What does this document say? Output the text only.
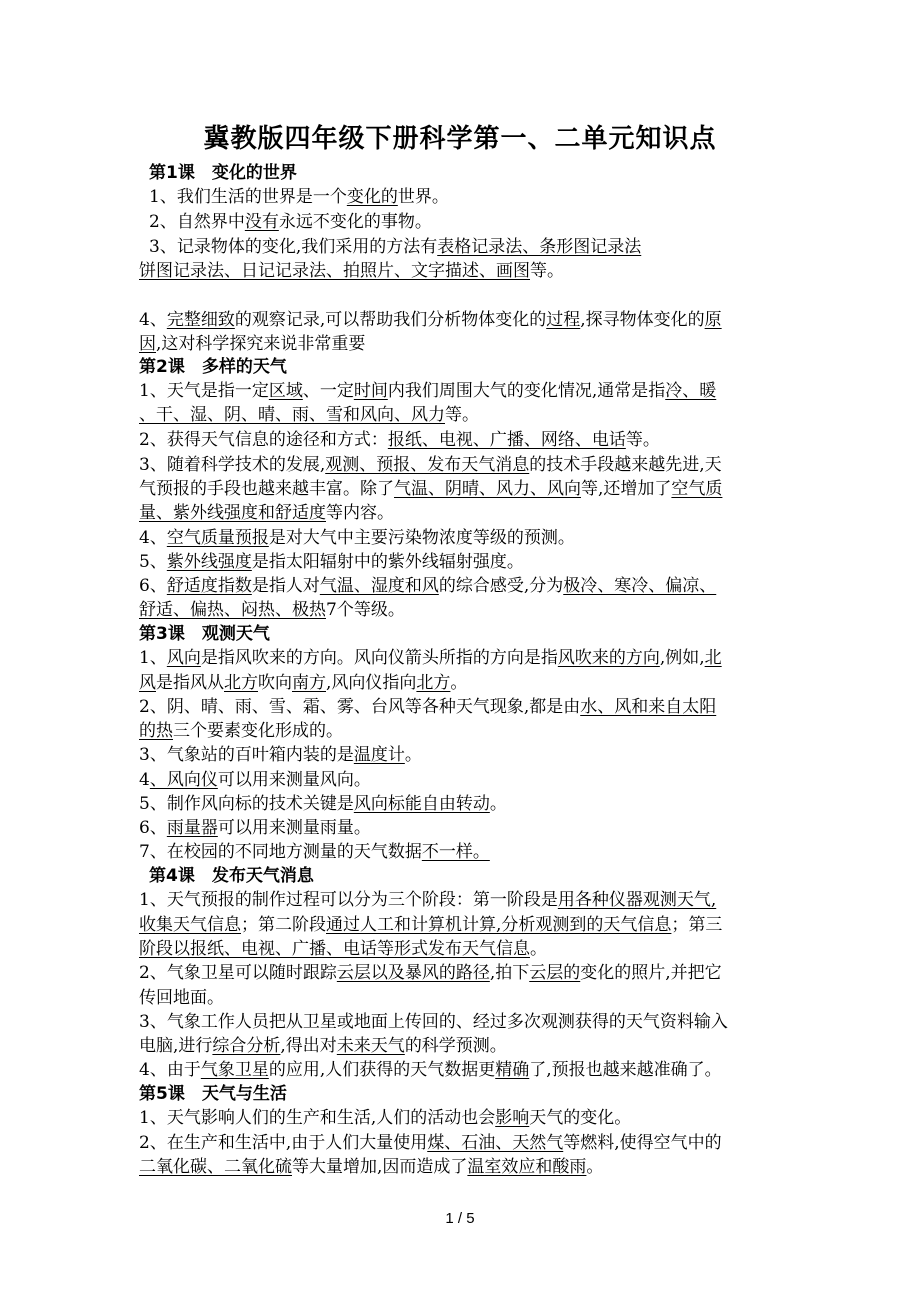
冀教版四年级下册科学第一、二单元知识点
第1课　变化的世界
1、我们生活的世界是一个变化的世界。
2、自然界中没有永远不变化的事物。
3、记录物体的变化,我们采用的方法有表格记录法、条形图记录法
饼图记录法、日记记录法、拍照片、文字描述、画图等。
4、完整细致的观察记录,可以帮助我们分析物体变化的过程,探寻物体变化的原
因,这对科学探究来说非常重要
第2课　多样的天气
1、天气是指一定区域、一定时间内我们周围大气的变化情况,通常是指冷、暖
、干、湿、阴、晴、雨、雪和风向、风力等。
2、获得天气信息的途径和方式：报纸、电视、广播、网络、电话等。
3、随着科学技术的发展,观测、预报、发布天气消息的技术手段越来越先进,天
气预报的手段也越来越丰富。除了气温、阴晴、风力、风向等,还增加了空气质
量、紫外线强度和舒适度等内容。
4、空气质量预报是对大气中主要污染物浓度等级的预测。
5、紫外线强度是指太阳辐射中的紫外线辐射强度。
6、舒适度指数是指人对气温、湿度和风的综合感受,分为极冷、寒冷、偏凉、
舒适、偏热、闷热、极热7个等级。
第3课　观测天气
1、风向是指风吹来的方向。风向仪箭头所指的方向是指风吹来的方向,例如,北
风是指风从北方吹向南方,风向仪指向北方。
2、阴、晴、雨、雪、霜、雾、台风等各种天气现象,都是由水、风和来自太阳
的热三个要素变化形成的。
3、气象站的百叶箱内装的是温度计。
4、风向仪可以用来测量风向。
5、制作风向标的技术关键是风向标能自由转动。
6、雨量器可以用来测量雨量。
7、在校园的不同地方测量的天气数据不一样。
第4课　发布天气消息
1、天气预报的制作过程可以分为三个阶段：第一阶段是用各种仪器观测天气,
收集天气信息；第二阶段通过人工和计算机计算,分析观测到的天气信息；第三
阶段以报纸、电视、广播、电话等形式发布天气信息。
2、气象卫星可以随时跟踪云层以及暴风的路径,拍下云层的变化的照片,并把它
传回地面。
3、气象工作人员把从卫星或地面上传回的、经过多次观测获得的天气资料输入
电脑,进行综合分析,得出对未来天气的科学预测。
4、由于气象卫星的应用,人们获得的天气数据更精确了,预报也越来越准确了。
第5课　天气与生活
1、天气影响人们的生产和生活,人们的活动也会影响天气的变化。
2、在生产和生活中,由于人们大量使用煤、石油、天然气等燃料,使得空气中的
二氧化碳、二氧化硫等大量增加,因而造成了温室效应和酸雨。
1 / 5
